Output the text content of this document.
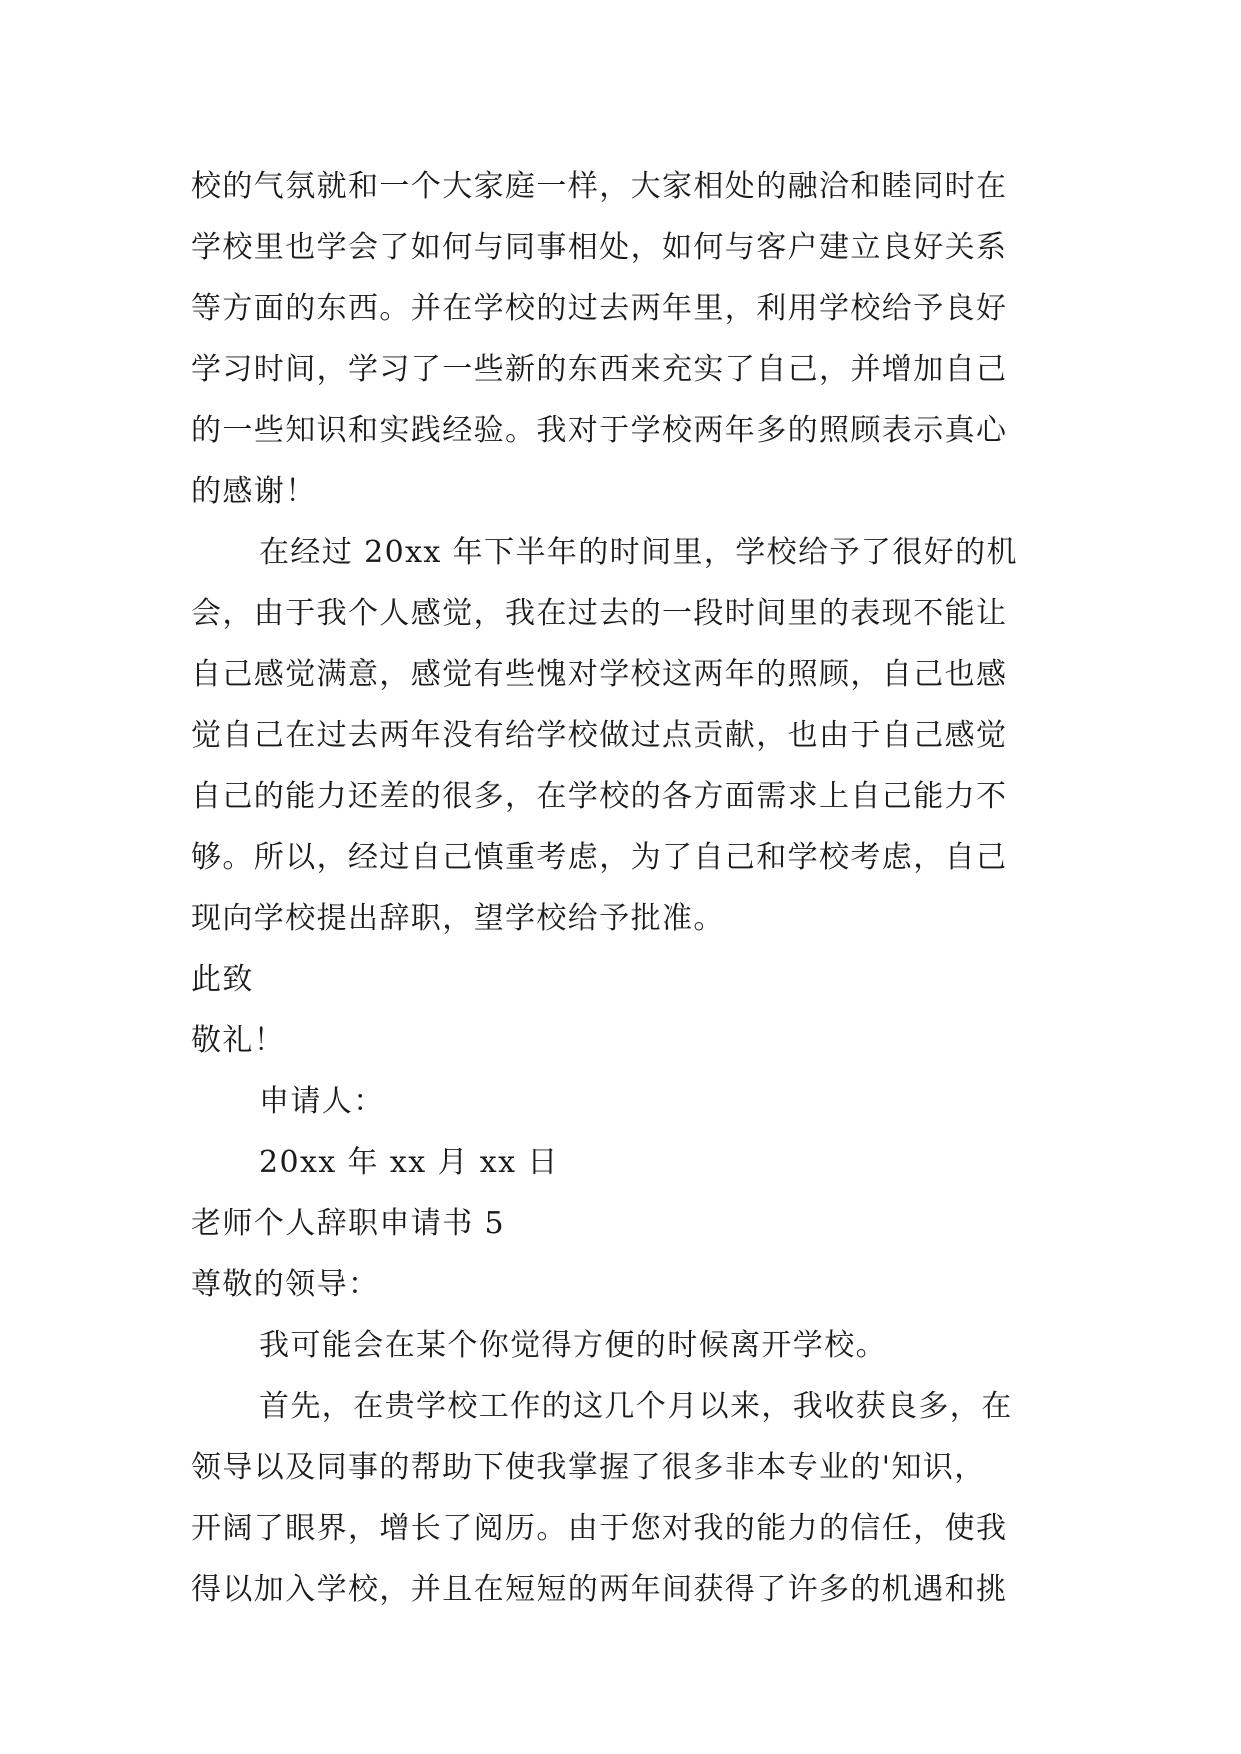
校的气氛就和一个大家庭一样，大家相处的融洽和睦同时在
学校里也学会了如何与同事相处，如何与客户建立良好关系
等方面的东西。并在学校的过去两年里，利用学校给予良好
学习时间，学习了一些新的东西来充实了自己，并增加自己
的一些知识和实践经验。我对于学校两年多的照顾表示真心
的感谢！
在经过 20xx 年下半年的时间里，学校给予了很好的机
会，由于我个人感觉，我在过去的一段时间里的表现不能让
自己感觉满意，感觉有些愧对学校这两年的照顾，自己也感
觉自己在过去两年没有给学校做过点贡献，也由于自己感觉
自己的能力还差的很多，在学校的各方面需求上自己能力不
够。所以，经过自己慎重考虑，为了自己和学校考虑，自己
现向学校提出辞职，望学校给予批准。
此致
敬礼！
申请人：
20xx 年 xx 月 xx 日
老师个人辞职申请书 5
尊敬的领导：
我可能会在某个你觉得方便的时候离开学校。
首先，在贵学校工作的这几个月以来，我收获良多，在
领导以及同事的帮助下使我掌握了很多非本专业的'知识，
开阔了眼界，增长了阅历。由于您对我的能力的信任，使我
得以加入学校，并且在短短的两年间获得了许多的机遇和挑
